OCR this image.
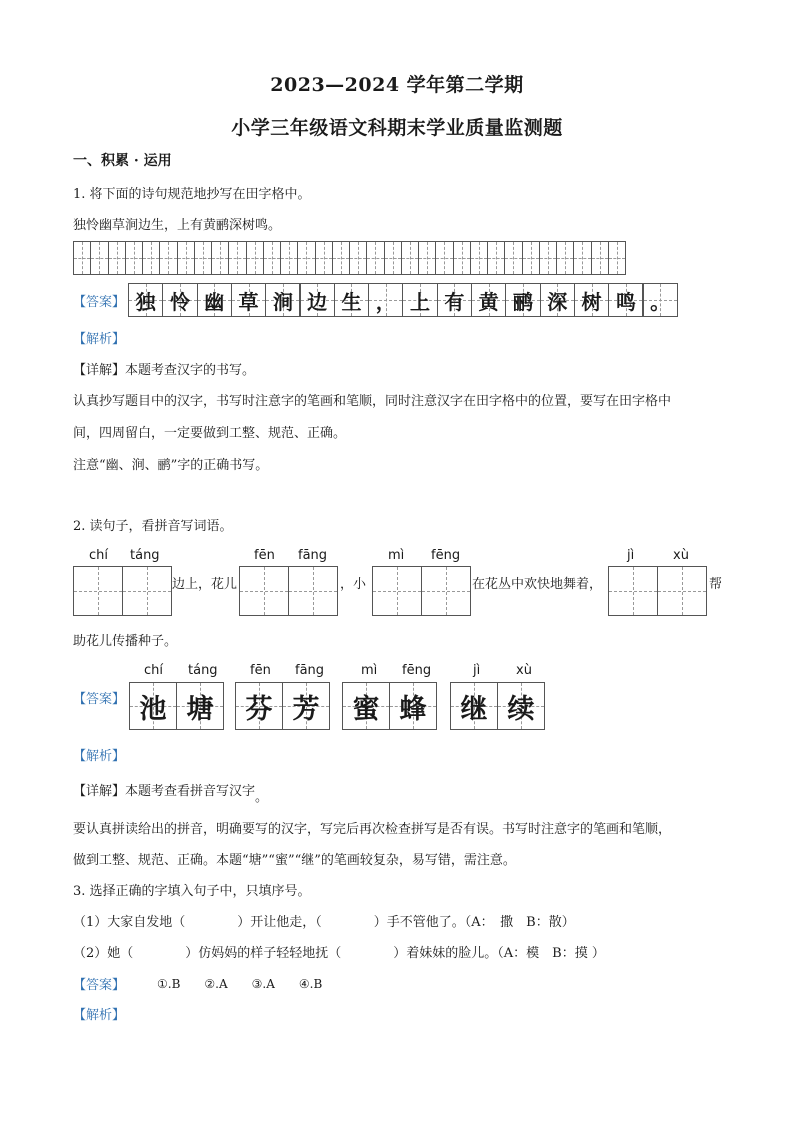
2023—2024 学年第二学期
小学三年级语文科期末学业质量监测题
一、积累 · 运用
1. 将下面的诗句规范地抄写在田字格中。
独怜幽草涧边生，上有黄鹂深树鸣。
【答案】 独 怜 幽 草 涧 边 生 ， 上 有 黄 鹂 深 树 鸣 。
【解析】
【详解】本题考查汉字的书写。
认真抄写题目中的汉字，书写时注意字的笔画和笔顺，同时注意汉字在田字格中的位置，要写在田字格中
间，四周留白，一定要做到工整、规范、正确。
注意“幽、涧、鹂”字的正确书写。
2. 读句子，看拼音写词语。
chí táng	fēn fāng	mì fēng	jì	xù
边上，花儿	，小	在花丛中欢快地舞着，	帮
助花儿传播种子。
chí táng fēn fāng	mì fēng	jì	xù
【答案】 池 塘	芬 芳	蜜 蜂	继 续
【解析】
【详解】本题考查看拼音写汉字。
要认真拼读给出的拼音，明确要写的汉字，写完后再次检查拼写是否有误。书写时注意字的笔画和笔顺，
做到工整、规范、正确。本题“塘”“蜜”“继”的笔画较复杂，易写错，需注意。
3. 选择正确的字填入句子中，只填序号。
（1）大家自发地（　　　　）开让他走，（　　　　）手不管他了。（A：　撒　B：散）
（2）她（　　　　）仿妈妈的样子轻轻地抚（　　　　）着妹妹的脸儿。（A：模　B：摸 ）
【答案】	①.B　　②.A　　③.A　　④.B
【解析】
